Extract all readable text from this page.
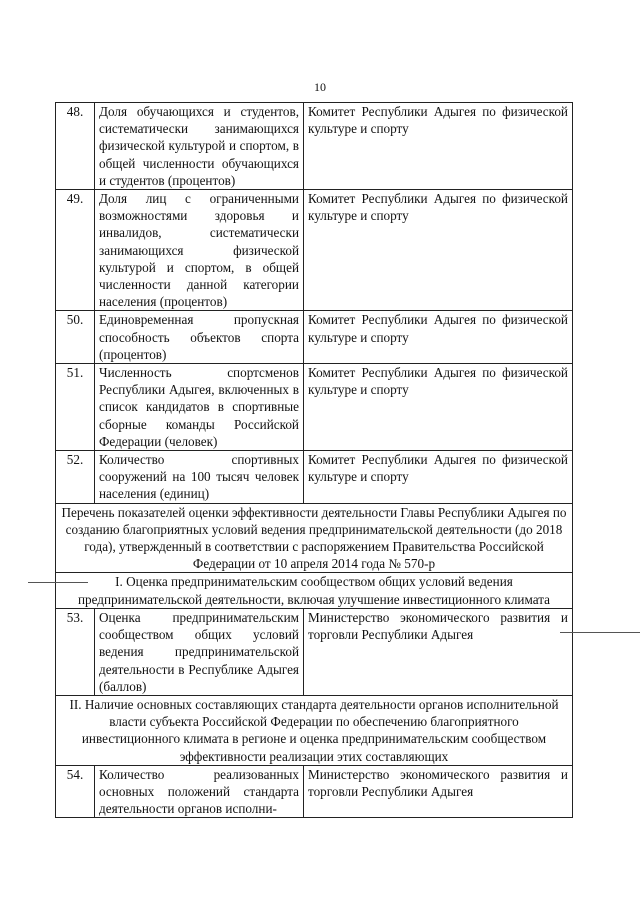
10
48.	Доля обучающихся и студентов, систематически занимающихся физической культурой и спортом, в общей численности обучающихся и студентов (процентов)	Комитет Республики Адыгея по физической культуре и спорту
49.	Доля лиц с ограниченными возможностями здоровья и инвалидов, систематически занимающихся физической культурой и спортом, в общей численности данной категории населения (процентов)	Комитет Республики Адыгея по физической культуре и спорту
50.	Единовременная пропускная способность объектов спорта (процентов)	Комитет Республики Адыгея по физической культуре и спорту
51.	Численность спортсменов Республики Адыгея, включенных в список кандидатов в спортивные сборные команды Российской Федерации (человек)	Комитет Республики Адыгея по физической культуре и спорту
52.	Количество спортивных сооружений на 100 тысяч человек населения (единиц)	Комитет Республики Адыгея по физической культуре и спорту
Перечень показателей оценки эффективности деятельности Главы Республики Адыгея по созданию благоприятных условий ведения предпринимательской деятельности (до 2018 года), утвержденный в соответствии с распоряжением Правительства Российской Федерации от 10 апреля 2014 года № 570-р		
I. Оценка предпринимательским сообществом общих условий ведения предпринимательской деятельности, включая улучшение инвестиционного климата		
53.	Оценка предпринимательским сообществом общих условий ведения предпринимательской деятельности в Республике Адыгея (баллов)	Министерство экономического развития и торговли Республики Адыгея
II. Наличие основных составляющих стандарта деятельности органов исполнительной власти субъекта Российской Федерации по обеспечению благоприятного инвестиционного климата в регионе и оценка предпринимательским сообществом эффективности реализации этих составляющих		
54.	Количество реализованных основных положений стандарта деятельности органов исполни-	Министерство экономического развития и торговли Республики Адыгея
